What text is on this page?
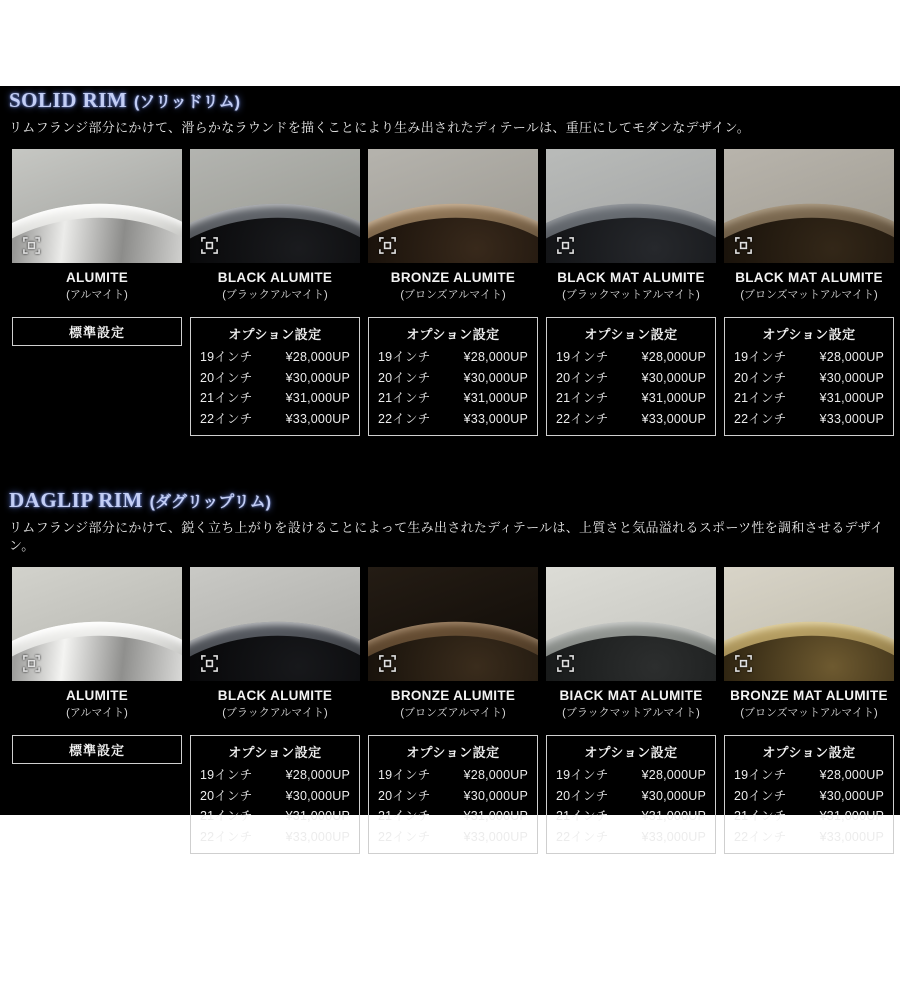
SOLID RIM (ソリッドリム)

リムフランジ部分にかけて、滑らかなラウンドを描くことにより生み出されたディテールは、重圧にしてモダンなデザイン。

ALUMITE
(アルマイト)
BLACK ALUMITE
(ブラックアルマイト)
BRONZE ALUMITE
(ブロンズアルマイト)
BLACK MAT ALUMITE
(ブラックマットアルマイト)
BLACK MAT ALUMITE
(ブロンズマットアルマイト)
標準設定	オプション設定
19インチ	¥28,000UP
20インチ	¥30,000UP
21インチ	¥31,000UP
22インチ	¥33,000UP
オプション設定
19インチ	¥28,000UP
20インチ	¥30,000UP
21インチ	¥31,000UP
22インチ	¥33,000UP
オプション設定
19インチ	¥28,000UP
20インチ	¥30,000UP
21インチ	¥31,000UP
22インチ	¥33,000UP
オプション設定
19インチ	¥28,000UP
20インチ	¥30,000UP
21インチ	¥31,000UP
22インチ	¥33,000UP
DAGLIP RIM (ダグリップリム)

リムフランジ部分にかけて、鋭く立ち上がりを設けることによって生み出されたディテールは、上質さと気品溢れるスポーツ性を調和させるデザイン。

ALUMITE
(アルマイト)
BLACK ALUMITE
(ブラックアルマイト)
BRONZE ALUMITE
(ブロンズアルマイト)
BIACK MAT ALUMITE
(ブラックマットアルマイト)
BRONZE MAT ALUMITE
(ブロンズマットアルマイト)
標準設定	オプション設定
19インチ	¥28,000UP
20インチ	¥30,000UP
21インチ	¥31,000UP
22インチ	¥33,000UP
オプション設定
19インチ	¥28,000UP
20インチ	¥30,000UP
21インチ	¥31,000UP
22インチ	¥33,000UP
オプション設定
19インチ	¥28,000UP
20インチ	¥30,000UP
21インチ	¥31,000UP
22インチ	¥33,000UP
オプション設定
19インチ	¥28,000UP
20インチ	¥30,000UP
21インチ	¥31,000UP
22インチ	¥33,000UP
